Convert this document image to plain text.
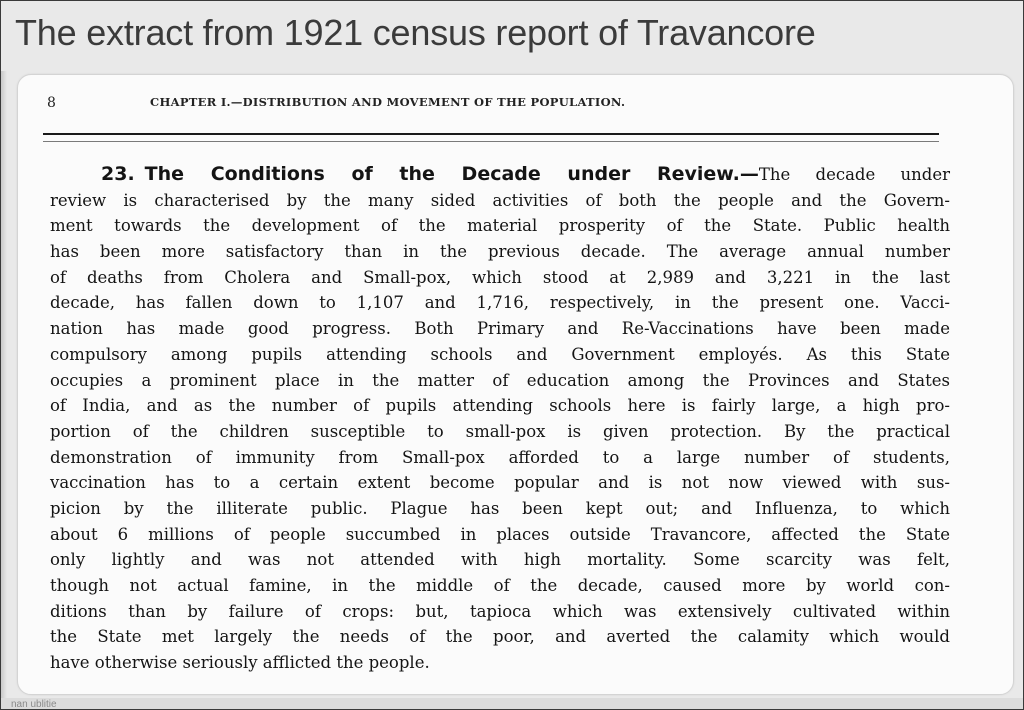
The extract from 1921 census report of Travancore
8	CHAPTER I.—DISTRIBUTION AND MOVEMENT OF THE POPULATION.
23. The Conditions of the Decade under Review.—The decade under
review is characterised by the many sided activities of both the people and the Govern-
ment towards the development of the material prosperity of the State. Public health
has been more satisfactory than in the previous decade. The average annual number
of deaths from Cholera and Small-pox, which stood at 2,989 and 3,221 in the last
decade, has fallen down to 1,107 and 1,716, respectively, in the present one. Vacci-
nation has made good progress. Both Primary and Re-Vaccinations have been made
compulsory among pupils attending schools and Government employés. As this State
occupies a prominent place in the matter of education among the Provinces and States
of India, and as the number of pupils attending schools here is fairly large, a high pro-
portion of the children susceptible to small-pox is given protection. By the practical
demonstration of immunity from Small-pox afforded to a large number of students,
vaccination has to a certain extent become popular and is not now viewed with sus-
picion by the illiterate public. Plague has been kept out; and Influenza, to which
about 6 millions of people succumbed in places outside Travancore, affected the State
only lightly and was not attended with high mortality. Some scarcity was felt,
though not actual famine, in the middle of the decade, caused more by world con-
ditions than by failure of crops: but, tapioca which was extensively cultivated within
the State met largely the needs of the poor, and averted the calamity which would
have otherwise seriously afflicted the people.
nan ublitie
